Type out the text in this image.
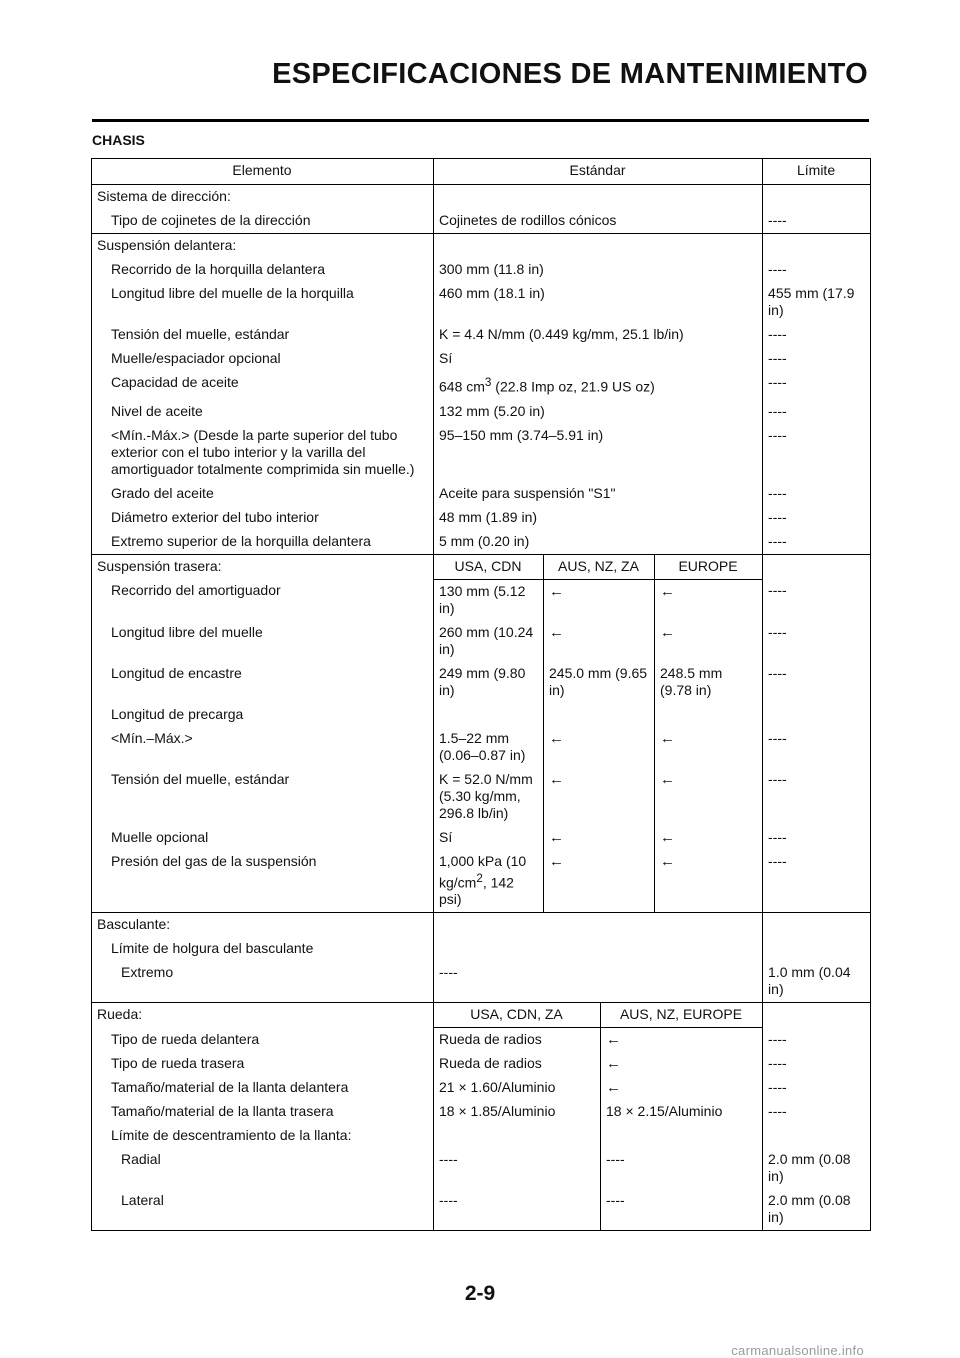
ESPECIFICACIONES DE MANTENIMIENTO
CHASIS
Elemento	Estándar				Límite
Sistema de dirección:					
Tipo de cojinetes de la dirección	Cojinetes de rodillos cónicos				----
Suspensión delantera:					
Recorrido de la horquilla delantera	300 mm (11.8 in)				----
Longitud libre del muelle de la horquilla	460 mm (18.1 in)				455 mm (17.9 in)
Tensión del muelle, estándar	K = 4.4 N/mm (0.449 kg/mm, 25.1 lb/in)				----
Muelle/espaciador opcional	Sí				----
Capacidad de aceite	648 $cm^3$ (22.8 Imp oz, 21.9 US oz)				----
Nivel de aceite	132 mm (5.20 in)				----
<Mín.-Máx.> (Desde la parte superior del tubo exterior con el tubo interior y la varilla del amortiguador totalmente comprimida sin muelle.)	95–150 mm (3.74–5.91 in)				----
Grado del aceite	Aceite para suspensión "S1"				----
Diámetro exterior del tubo interior	48 mm (1.89 in)				----
Extremo superior de la horquilla delantera	5 mm (0.20 in)				----
Suspensión trasera:	USA, CDN	AUS, NZ, ZA		EUROPE	
Recorrido del amortiguador	130 mm (5.12 in)	←		←	----
Longitud libre del muelle	260 mm (10.24 in)	←		←	----
Longitud de encastre	249 mm (9.80 in)	245.0 mm (9.65 in)		248.5 mm (9.78 in)	----
Longitud de precarga					
<Mín.–Máx.>	1.5–22 mm (0.06–0.87 in)	←		←	----
Tensión del muelle, estándar	K = 52.0 N/mm (5.30 kg/mm, 296.8 lb/in)	←		←	----
Muelle opcional	Sí	←		←	----
Presión del gas de la suspensión	1,000 kPa (10 $kg/cm^2$, 142 psi)	←		←	----
Basculante:					
Límite de holgura del basculante					
Extremo	----				1.0 mm (0.04 in)
Rueda:	USA, CDN, ZA		AUS, NZ, EUROPE		
Tipo de rueda delantera	Rueda de radios		←		----
Tipo de rueda trasera	Rueda de radios		←		----
Tamaño/material de la llanta delantera	21 × 1.60/Aluminio		←		----
Tamaño/material de la llanta trasera	18 × 1.85/Aluminio		18 × 2.15/Aluminio		----
Límite de descentramiento de la llanta:					
Radial	----		----		2.0 mm (0.08 in)
Lateral	----		----		2.0 mm (0.08 in)
2-9
carmanualsonline.info
